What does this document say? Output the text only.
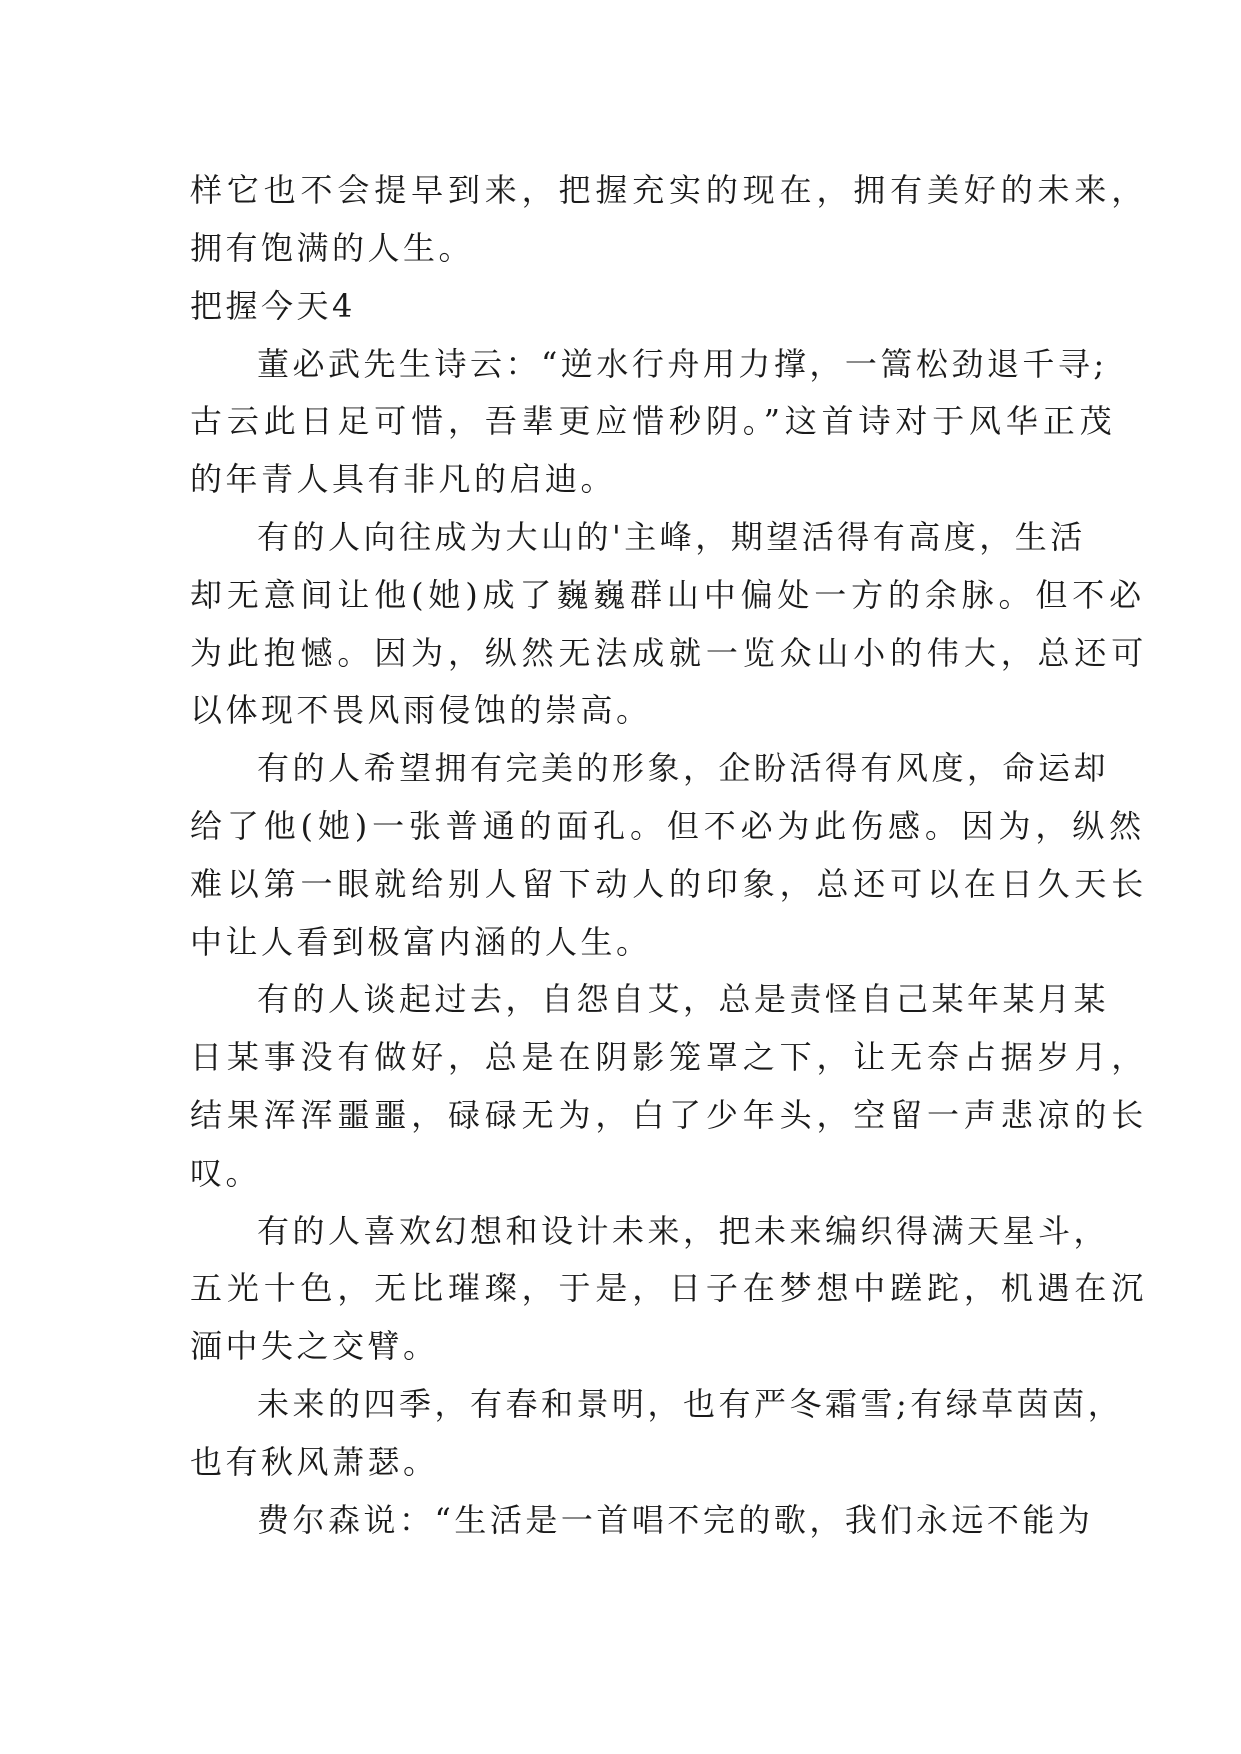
样它也不会提早到来，把握充实的现在，拥有美好的未来，
拥有饱满的人生。
把握今天4
董必武先生诗云：“逆水行舟用力撑，一篙松劲退千寻;
古云此日足可惜，吾辈更应惜秒阴。”这首诗对于风华正茂
的年青人具有非凡的启迪。
有的人向往成为大山的'主峰，期望活得有高度，生活
却无意间让他(她)成了巍巍群山中偏处一方的余脉。但不必
为此抱憾。因为，纵然无法成就一览众山小的伟大，总还可
以体现不畏风雨侵蚀的崇高。
有的人希望拥有完美的形象，企盼活得有风度，命运却
给了他(她)一张普通的面孔。但不必为此伤感。因为，纵然
难以第一眼就给别人留下动人的印象，总还可以在日久天长
中让人看到极富内涵的人生。
有的人谈起过去，自怨自艾，总是责怪自己某年某月某
日某事没有做好，总是在阴影笼罩之下，让无奈占据岁月，
结果浑浑噩噩，碌碌无为，白了少年头，空留一声悲凉的长
叹。
有的人喜欢幻想和设计未来，把未来编织得满天星斗，
五光十色，无比璀璨，于是，日子在梦想中蹉跎，机遇在沉
湎中失之交臂。
未来的四季，有春和景明，也有严冬霜雪;有绿草茵茵，
也有秋风萧瑟。
费尔森说：“生活是一首唱不完的歌，我们永远不能为
